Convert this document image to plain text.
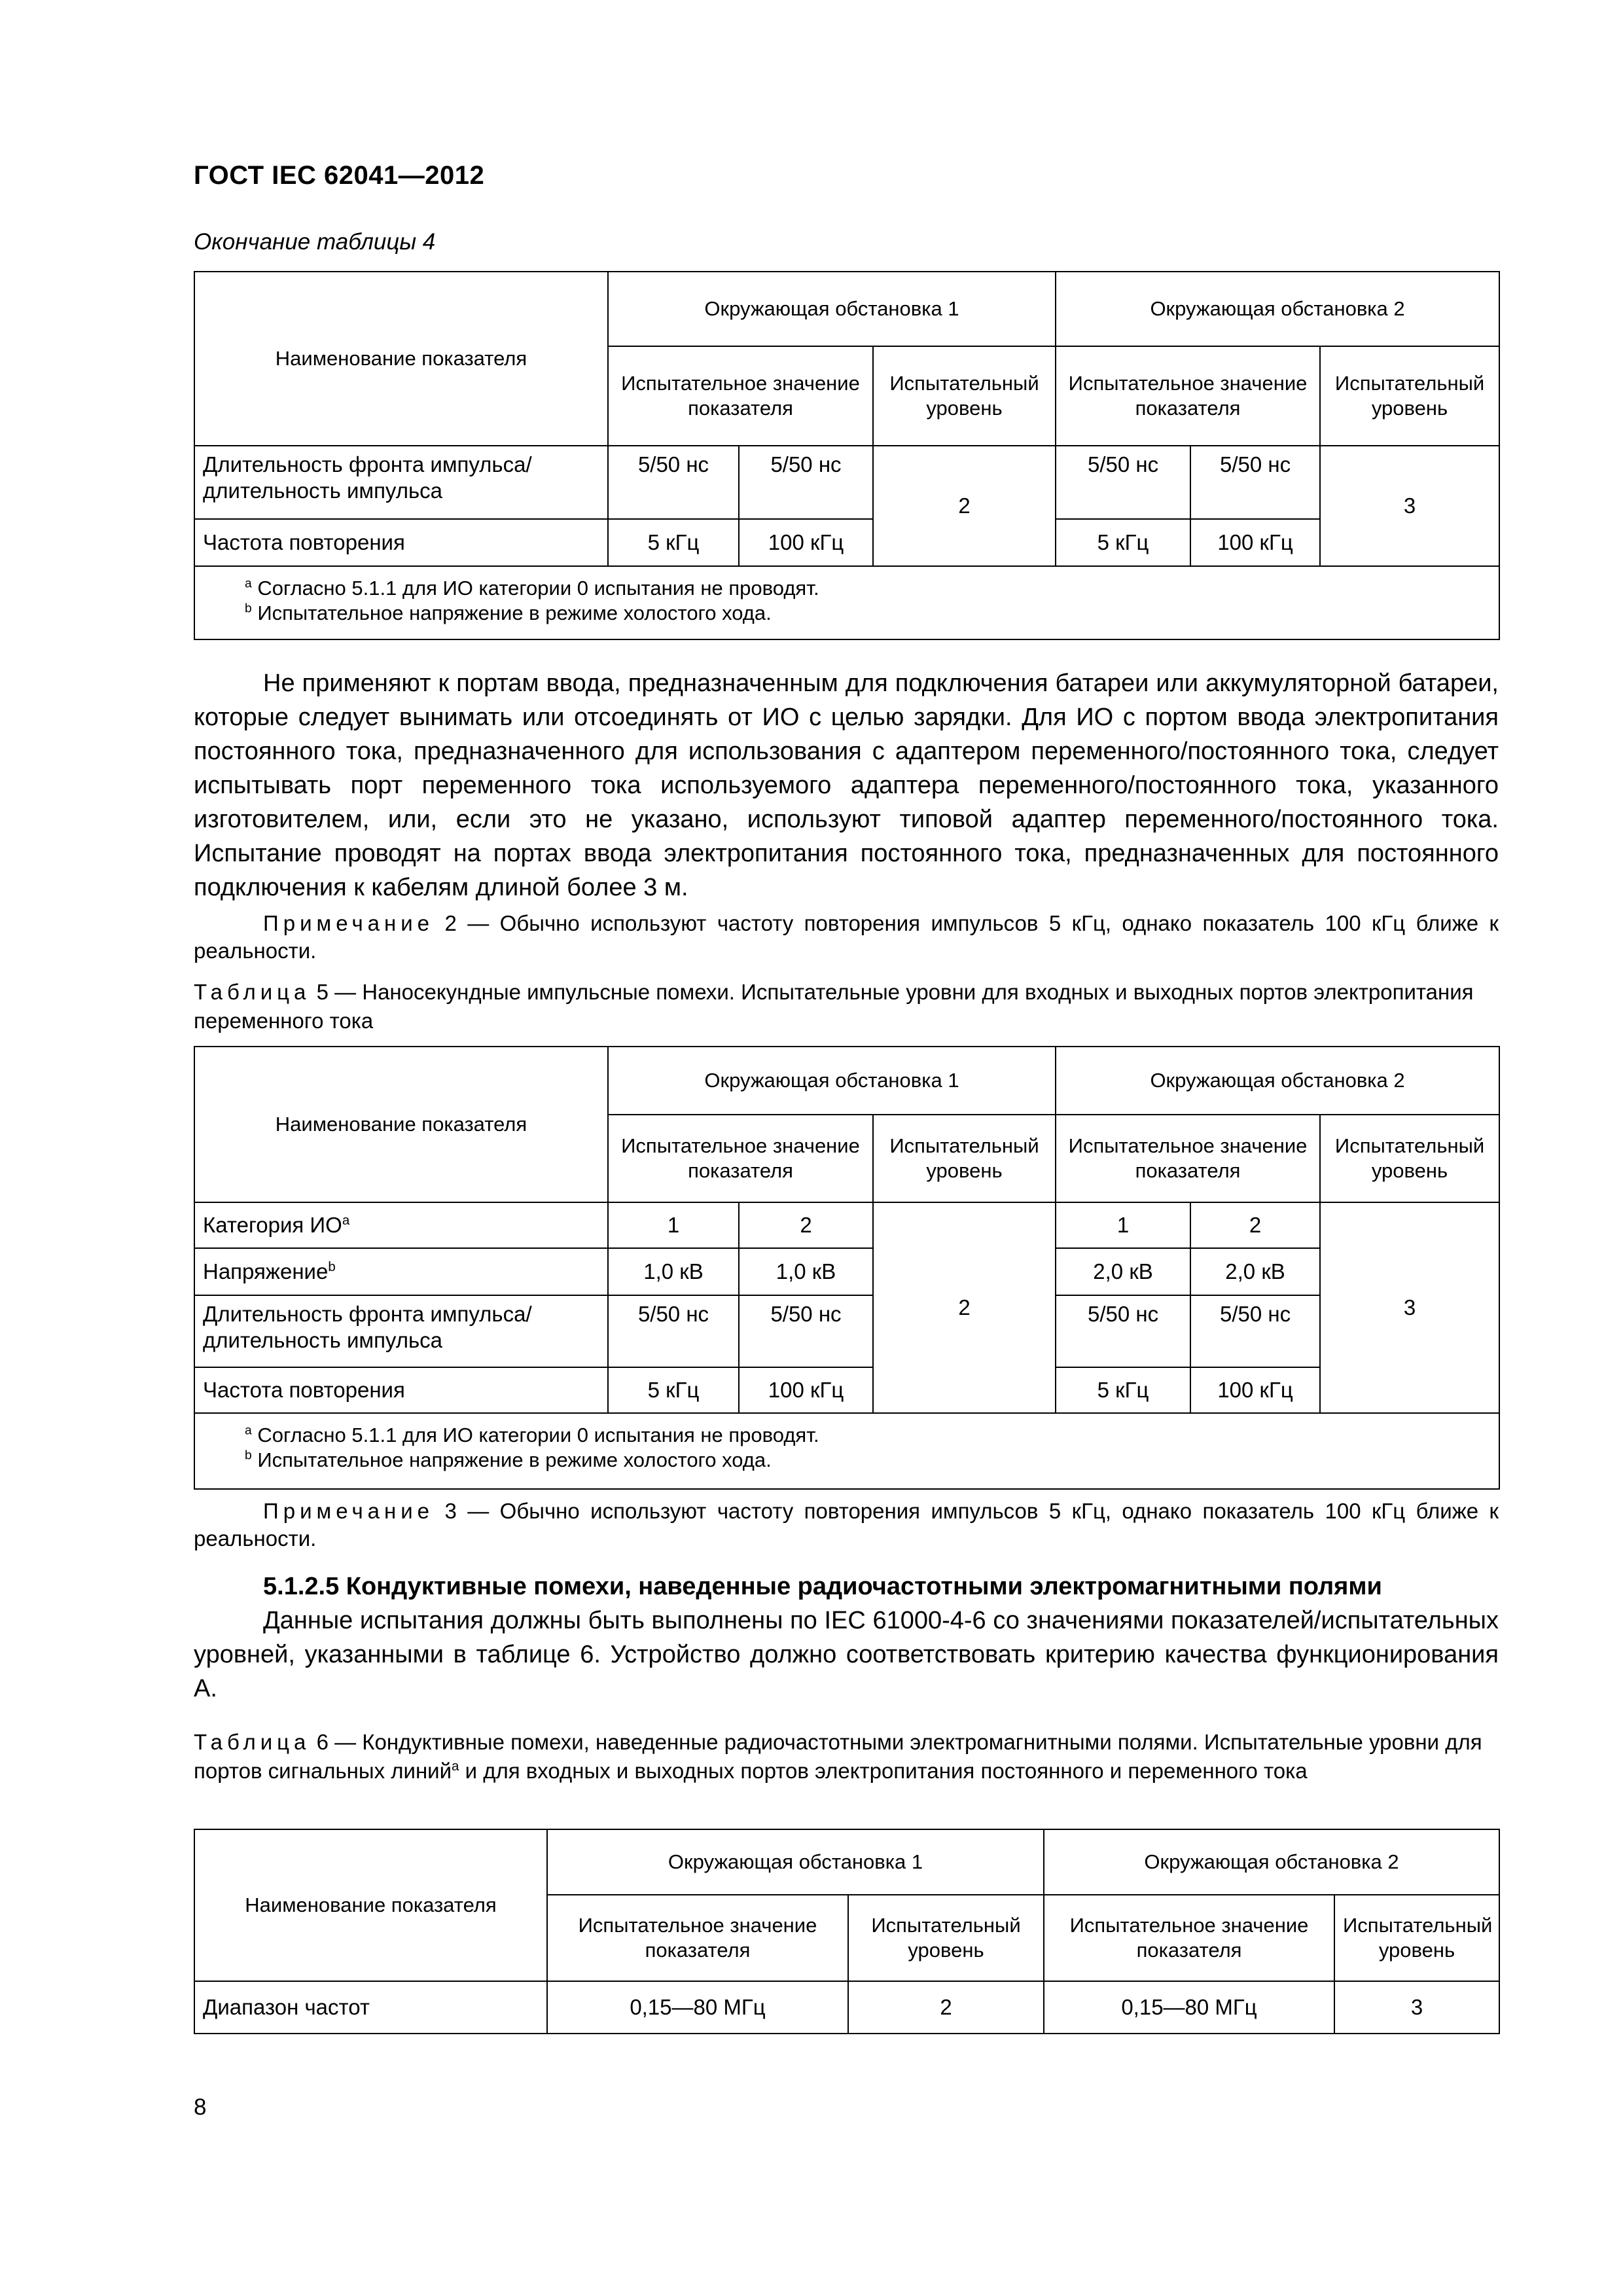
ГОСТ IEC 62041—2012
Окончание таблицы 4
Наименование показателя	Окружающая обстановка 1			Окружающая обстановка 2		
	Испытательное значение показателя		Испытательный уровень	Испытательное значение показателя		Испытательный уровень
Длительность фронта импульса/ длительность импульса	5/50 нс	5/50 нс	2	5/50 нс	5/50 нс	3
Частота повторения	5 кГц	100 кГц		5 кГц	100 кГц	

$^a$ Согласно 5.1.1 для ИО категории 0 испытания не проводят.
$^b$ Испытательное напряжение в режиме холостого хода.						

Не применяют к портам ввода, предназначенным для подключения батареи или аккумуляторной батареи, которые следует вынимать или отсоединять от ИО с целью зарядки. Для ИО с портом ввода электропитания постоянного тока, предназначенного для использования с адаптером переменного/постоянного тока, следует испытывать порт переменного тока используемого адаптера переменного/постоянного тока, указанного изготовителем, или, если это не указано, используют типовой адаптер переменного/постоянного тока. Испытание проводят на портах ввода электропитания постоянного тока, предназначенных для постоянного подключения к кабелям длиной более 3 м.

Примечание 2 — Обычно используют частоту повторения импульсов 5 кГц, однако показатель 100 кГц ближе к реальности.
Таблица 5 — Наносекундные импульсные помехи. Испытательные уровни для входных и выходных портов электропитания переменного тока
Наименование показателя	Окружающая обстановка 1			Окружающая обстановка 2		
	Испытательное значение показателя		Испытательный уровень	Испытательное значение показателя		Испытательный уровень
Категория $ИО^a$	1	2	2	1	2	3
Напряжение$^b$	1,0 кВ	1,0 кВ		2,0 кВ	2,0 кВ	
Длительность фронта импульса/ длительность импульса	5/50 нс	5/50 нс		5/50 нс	5/50 нс	
Частота повторения	5 кГц	100 кГц		5 кГц	100 кГц	

$^a$ Согласно 5.1.1 для ИО категории 0 испытания не проводят.
$^b$ Испытательное напряжение в режиме холостого хода.						
Примечание 3 — Обычно используют частоту повторения импульсов 5 кГц, однако показатель 100 кГц ближе к реальности.
5.1.2.5 Кондуктивные помехи, наведенные радиочастотными электромагнитными полями

Данные испытания должны быть выполнены по IEC 61000-4-6 со значениями показателей/испытательных уровней, указанными в таблице 6. Устройство должно соответствовать критерию качества функционирования А.

Таблица 6 — Кондуктивные помехи, наведенные радиочастотными электромагнитными полями. Испытательные уровни для портов сигнальных линий$^a$ и для входных и выходных портов электропитания постоянного и переменного тока
Наименование показателя	Окружающая обстановка 1		Окружающая обстановка 2	
	Испытательное значение показателя	Испытательный уровень	Испытательное значение показателя	Испытательный уровень
Диапазон частот	0,15—80 МГц	2	0,15—80 МГц	3
8
